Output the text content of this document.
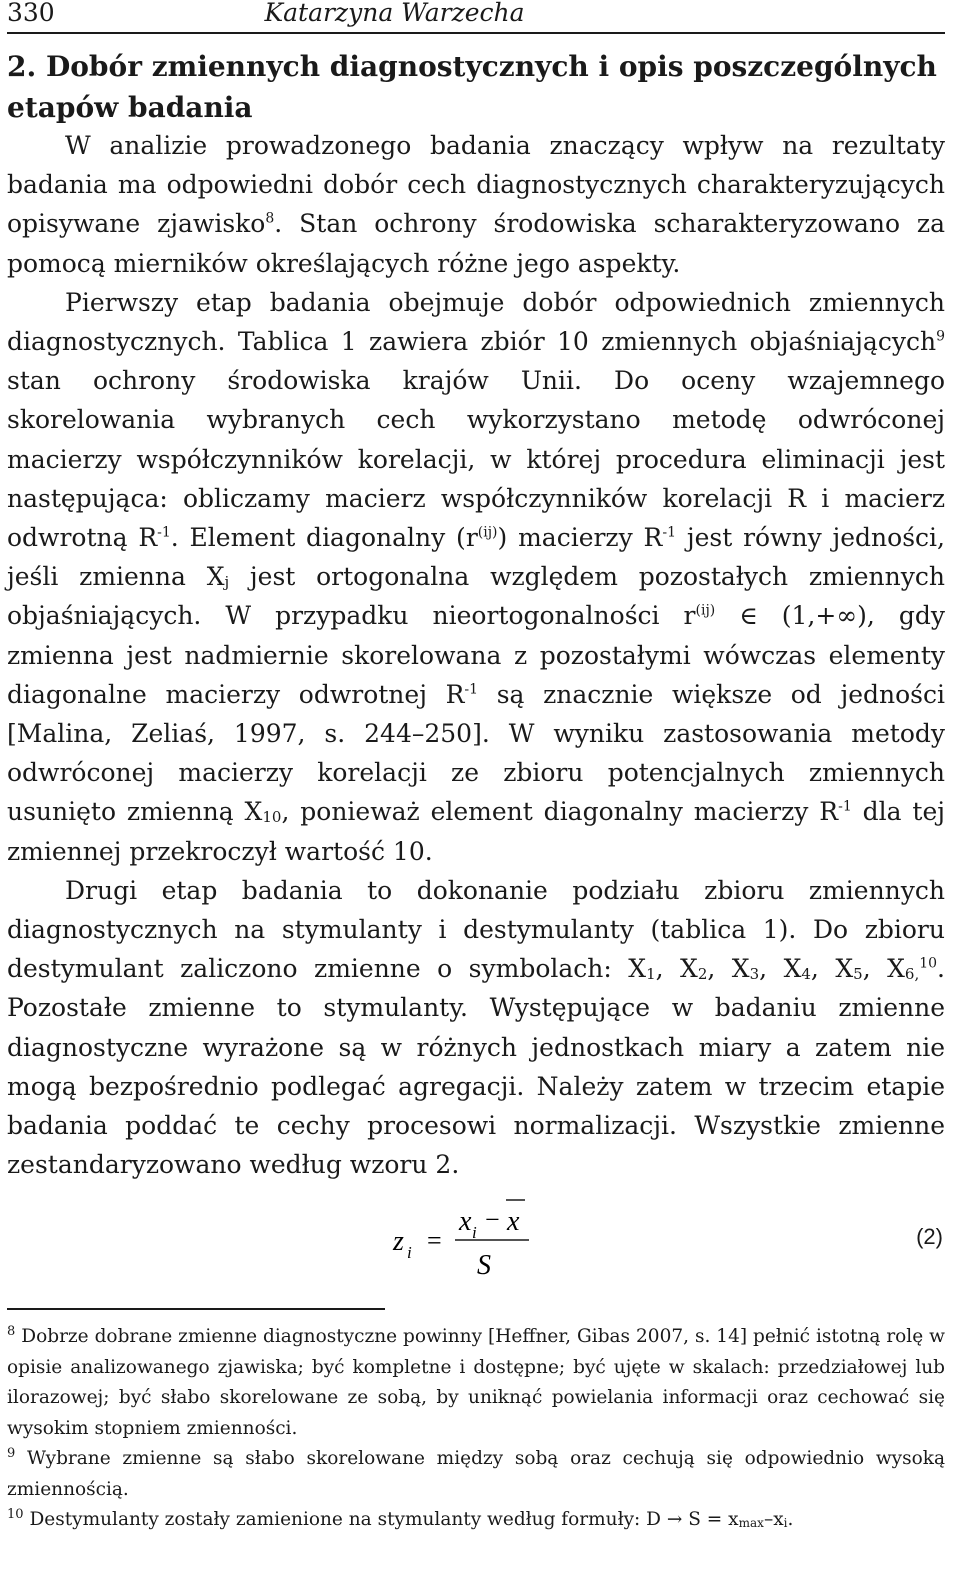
330	Katarzyna Warzecha
2. Dobór zmiennych diagnostycznych i opis poszczególnych etapów badania

W analizie prowadzonego badania znaczący wpływ na rezultaty badania ma odpowiedni dobór cech diagnostycznych charakteryzujących opisywane zjawisko$^8$. Stan ochrony środowiska scharakteryzowano za pomocą mierników określających różne jego aspekty.

Pierwszy etap badania obejmuje dobór odpowiednich zmiennych diagnostycznych. Tablica 1 zawiera zbiór 10 zmiennych objaśniających$^9$ stan ochrony środowiska krajów Unii. Do oceny wzajemnego skorelowania wybranych cech wykorzystano metodę odwróconej macierzy współczynników korelacji, w której procedura eliminacji jest następująca: obliczamy macierz współczynników korelacji R i macierz odwrotną $R^{-1}$. Element diagonalny $(r^{(ij)})$ macierzy $R^{-1}$ jest równy jedności, jeśli zmienna $X_j$ jest ortogonalna względem pozostałych zmiennych objaśniających. W przypadku nieortogonalności $r^{(ij)}$ ∈ (1,+∞), gdy zmienna jest nadmiernie skorelowana z pozostałymi wówczas elementy diagonalne macierzy odwrotnej $R^{-1}$ są znacznie większe od jedności [Malina, Zeliaś, 1997, s. 244–250]. W wyniku zastosowania metody odwróconej macierzy korelacji ze zbioru potencjalnych zmiennych usunięto zmienną $X_{10}$, ponieważ element diagonalny macierzy $R^{-1}$ dla tej zmiennej przekroczył wartość 10.

Drugi etap badania to dokonanie podziału zbioru zmiennych diagnostycznych na stymulanty i destymulanty (tablica 1). Do zbioru destymulant zaliczono zmienne o symbolach: $X_1$, $X_2$, $X_3$, $X_4$, $X_5$, $X_{6,}^{10}$. Pozostałe zmienne to stymulanty. Występujące w badaniu zmienne diagnostyczne wyrażone są w różnych jednostkach miary a zatem nie mogą bezpośrednio podlegać agregacji. Należy zatem w trzecim etapie badania poddać te cechy procesowi normalizacji. Wszystkie zmienne zestandaryzowano według wzoru 2.

z i =
x i − x
S
(2)

$^8$ Dobrze dobrane zmienne diagnostyczne powinny [Heffner, Gibas 2007, s. 14] pełnić istotną rolę w opisie analizowanego zjawiska; być kompletne i dostępne; być ujęte w skalach: przedziałowej lub ilorazowej; być słabo skorelowane ze sobą, by uniknąć powielania informacji oraz cechować się wysokim stopniem zmienności.

$^9$ Wybrane zmienne są słabo skorelowane między sobą oraz cechują się odpowiednio wysoką zmiennością.

$^{10}$ Destymulanty zostały zamienione na stymulanty według formuły: $D \to S = x_{max}-x_i$.
